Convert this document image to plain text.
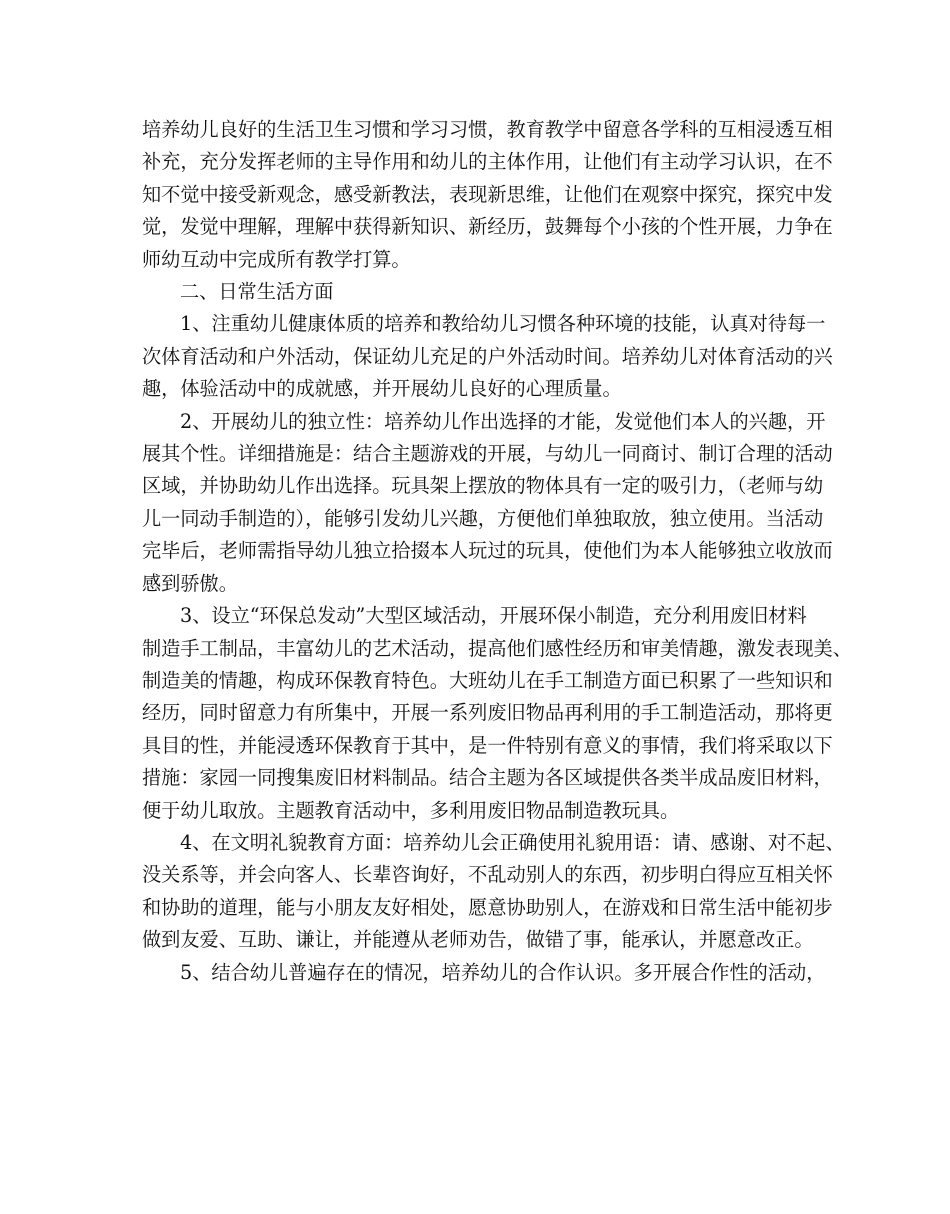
培养幼儿良好的生活卫生习惯和学习习惯，教育教学中留意各学科的互相浸透互相

补充，充分发挥老师的主导作用和幼儿的主体作用，让他们有主动学习认识，在不

知不觉中接受新观念，感受新教法，表现新思维，让他们在观察中探究，探究中发

觉，发觉中理解，理解中获得新知识、新经历，鼓舞每个小孩的个性开展，力争在

师幼互动中完成所有教学打算。

二、日常生活方面

1、注重幼儿健康体质的培养和教给幼儿习惯各种环境的技能，认真对待每一

次体育活动和户外活动，保证幼儿充足的户外活动时间。培养幼儿对体育活动的兴

趣，体验活动中的成就感，并开展幼儿良好的心理质量。

2、开展幼儿的独立性：培养幼儿作出选择的才能，发觉他们本人的兴趣，开

展其个性。详细措施是：结合主题游戏的开展，与幼儿一同商讨、制订合理的活动

区域，并协助幼儿作出选择。玩具架上摆放的物体具有一定的吸引力，（老师与幼

儿一同动手制造的），能够引发幼儿兴趣，方便他们单独取放，独立使用。当活动

完毕后，老师需指导幼儿独立拾掇本人玩过的玩具，使他们为本人能够独立收放而

感到骄傲。

3、设立“环保总发动”大型区域活动，开展环保小制造，充分利用废旧材料

制造手工制品，丰富幼儿的艺术活动，提高他们感性经历和审美情趣，激发表现美、

制造美的情趣，构成环保教育特色。大班幼儿在手工制造方面已积累了一些知识和

经历，同时留意力有所集中，开展一系列废旧物品再利用的手工制造活动，那将更

具目的性，并能浸透环保教育于其中，是一件特别有意义的事情，我们将采取以下

措施：家园一同搜集废旧材料制品。结合主题为各区域提供各类半成品废旧材料，

便于幼儿取放。主题教育活动中，多利用废旧物品制造教玩具。

4、在文明礼貌教育方面：培养幼儿会正确使用礼貌用语：请、感谢、对不起、

没关系等，并会向客人、长辈咨询好，不乱动别人的东西，初步明白得应互相关怀

和协助的道理，能与小朋友友好相处，愿意协助别人，在游戏和日常生活中能初步

做到友爱、互助、谦让，并能遵从老师劝告，做错了事，能承认，并愿意改正。

5、结合幼儿普遍存在的情况，培养幼儿的合作认识。多开展合作性的活动，
